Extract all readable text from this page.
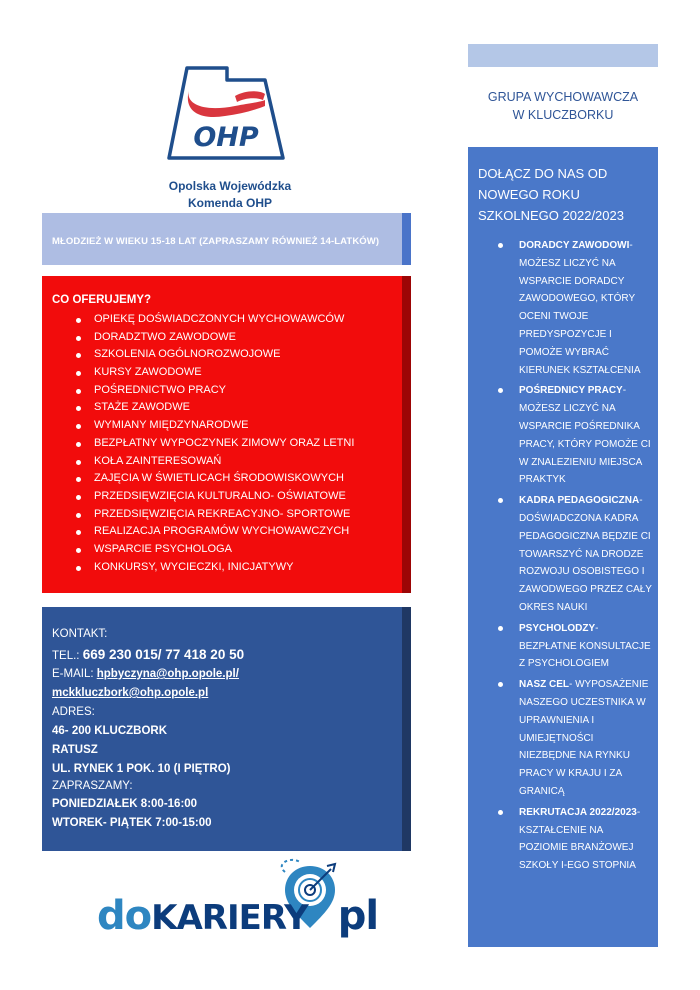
OHP
Opolska Wojewódzka
Komenda OHP
MŁODZIEŻ W WIEKU 15-18 LAT (ZAPRASZAMY RÓWNIEŻ 14-LATKÓW)
CO OFERUJEMY?
OPIEKĘ DOŚWIADCZONYCH WYCHOWAWCÓW
DORADZTWO ZAWODOWE
SZKOLENIA OGÓLNOROZWOJOWE
KURSY ZAWODOWE
POŚREDNICTWO PRACY
STAŻE ZAWODWE
WYMIANY MIĘDZYNARODWE
BEZPŁATNY WYPOCZYNEK ZIMOWY ORAZ LETNI
KOŁA ZAINTERESOWAŃ
ZAJĘCIA W ŚWIETLICACH ŚRODOWISKOWYCH
PRZEDSIĘWZIĘCIA KULTURALNO- OŚWIATOWE
PRZEDSIĘWZIĘCIA REKREACYJNO- SPORTOWE
REALIZACJA PROGRAMÓW WYCHOWAWCZYCH
WSPARCIE PSYCHOLOGA
KONKURSY, WYCIECZKI, INICJATYWY
KONTAKT:
TEL.: 669 230 015/ 77 418 20 50
E-MAIL: hpbyczyna@ohp.opole.pl/
mckkluczbork@ohp.opole.pl
ADRES:
46- 200 KLUCZBORK
RATUSZ
UL. RYNEK 1 POK. 10 (I PIĘTRO)
ZAPRASZAMY:
PONIEDZIAŁEK 8:00-16:00
WTOREK- PIĄTEK 7:00-15:00
GRUPA WYCHOWAWCZA
W KLUCZBORKU
DOŁĄCZ DO NAS OD
NOWEGO ROKU
SZKOLNEGO 2022/2023
DORADCY ZAWODOWI- MOŻESZ LICZYĆ NA WSPARCIE DORADCY ZAWODOWEGO, KTÓRY OCENI TWOJE PREDYSPOZYCJE I POMOŻE WYBRAĆ KIERUNEK KSZTAŁCENIA
POŚREDNICY PRACY- MOŻESZ LICZYĆ NA WSPARCIE POŚREDNIKA PRACY, KTÓRY POMOŻE CI W ZNALEZIENIU MIEJSCA PRAKTYK
KADRA PEDAGOGICZNA- DOŚWIADCZONA KADRA PEDAGOGICZNA BĘDZIE CI TOWARSZYĆ NA DRODZE ROZWOJU OSOBISTEGO I ZAWODWEGO PRZEZ CAŁY OKRES NAUKI
PSYCHOLODZY- BEZPŁATNE KONSULTACJE Z PSYCHOLOGIEM
NASZ CEL- WYPOSAŻENIE NASZEGO UCZESTNIKA W UPRAWNIENIA I UMIEJĘTNOŚCI NIEZBĘDNE NA RYNKU PRACY W KRAJU I ZA GRANICĄ
REKRUTACJA 2022/2023- KSZTAŁCENIE NA POZIOMIE BRANŻOWEJ SZKOŁY I-EGO STOPNIA
doKARIERY pl
